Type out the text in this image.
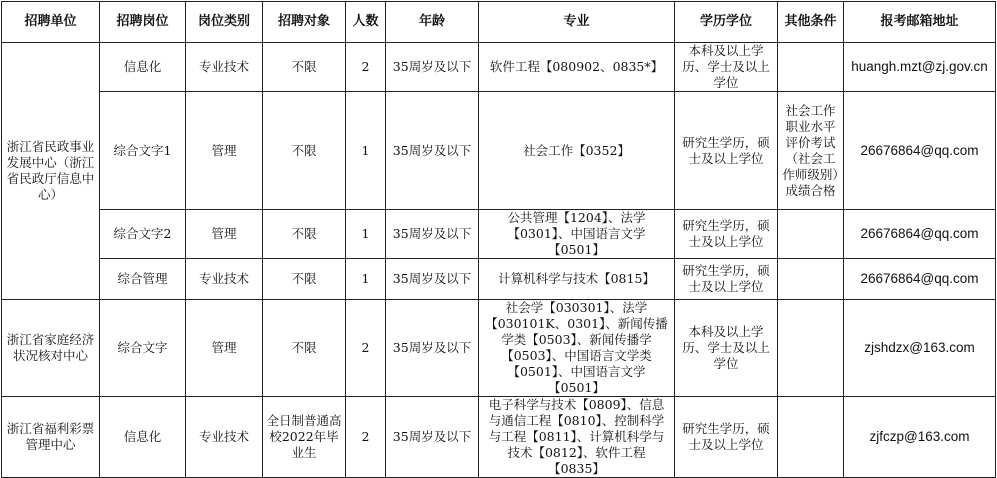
招聘单位	招聘岗位	岗位类别	招聘对象	人数	年龄	专业	学历学位	其他条件	报考邮箱地址
浙江省民政事业发展中心（浙江省民政厅信息中心）	信息化	专业技术	不限	2	35周岁及以下	软件工程【080902、0835*】	本科及以上学历、学士及以上学位		huangh.mzt@zj.gov.cn
	综合文字1	管理	不限	1	35周岁及以下	社会工作【0352】	研究生学历，硕士及以上学位	社会工作职业水平评价考试（社会工作师级别）成绩合格	26676864@qq.com
	综合文字2	管理	不限	1	35周岁及以下	公共管理【1204】、法学【0301】、中国语言文学【0501】	研究生学历，硕士及以上学位		26676864@qq.com
	综合管理	专业技术	不限	1	35周岁及以下	计算机科学与技术【0815】	研究生学历，硕士及以上学位		26676864@qq.com
浙江省家庭经济状况核对中心	综合文字	管理	不限	2	35周岁及以下	社会学【030301】、法学【030101K、0301】、新闻传播学类【0503】、新闻传播学【0503】、中国语言文学类【0501】、中国语言文学【0501】	本科及以上学历、学士及以上学位		zjshdzx@163.com
浙江省福利彩票管理中心	信息化	专业技术	全日制普通高校2022年毕业生	2	35周岁及以下	电子科学与技术【0809】、信息与通信工程【0810】、控制科学与工程【0811】、计算机科学与技术【0812】、软件工程【0835】	研究生学历，硕士及以上学位		zjfczp@163.com
